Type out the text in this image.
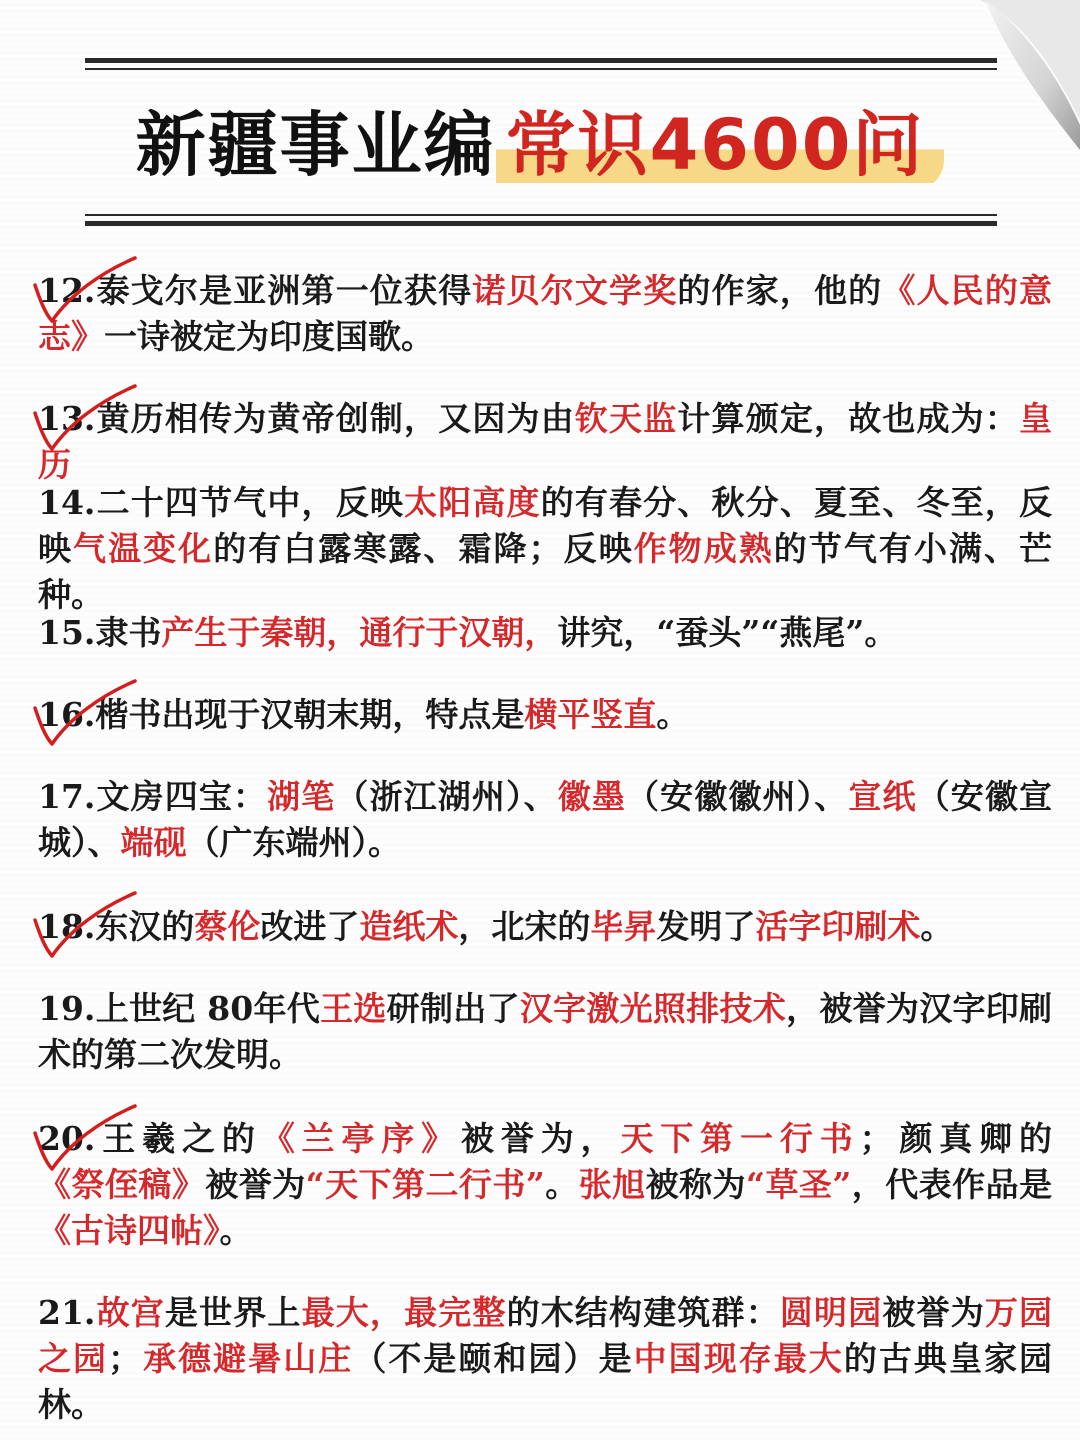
新疆事业编 常识4600问
12.泰戈尔是亚洲第一位获得诺贝尔文学奖的作家，他的《人民的意志》一诗被定为印度国歌。
13.黄历相传为黄帝创制，又因为由钦天监计算颁定，故也成为：皇历
14.二十四节气中，反映太阳高度的有春分、秋分、夏至、冬至，反映气温变化的有白露寒露、霜降；反映作物成熟的节气有小满、芒种。
15.隶书产生于秦朝，通行于汉朝，讲究，“蚕头”“燕尾”。
16.楷书出现于汉朝末期，特点是横平竖直。
17.文房四宝：湖笔（浙江湖州）、徽墨（安徽徽州）、宣纸（安徽宣城）、端砚（广东端州）。
18.东汉的蔡伦改进了造纸术，北宋的毕昇发明了活字印刷术。
19.上世纪 80年代王选研制出了汉字激光照排技术，被誉为汉字印刷术的第二次发明。
20.王羲之的《兰亭序》被誉为，天下第一行书；颜真卿的《祭侄稿》被誉为“天下第二行书”。张旭被称为“草圣”，代表作品是《古诗四帖》。
21.故宫是世界上最大，最完整的木结构建筑群：圆明园被誉为万园之园；承德避暑山庄（不是颐和园）是中国现存最大的古典皇家园林。
